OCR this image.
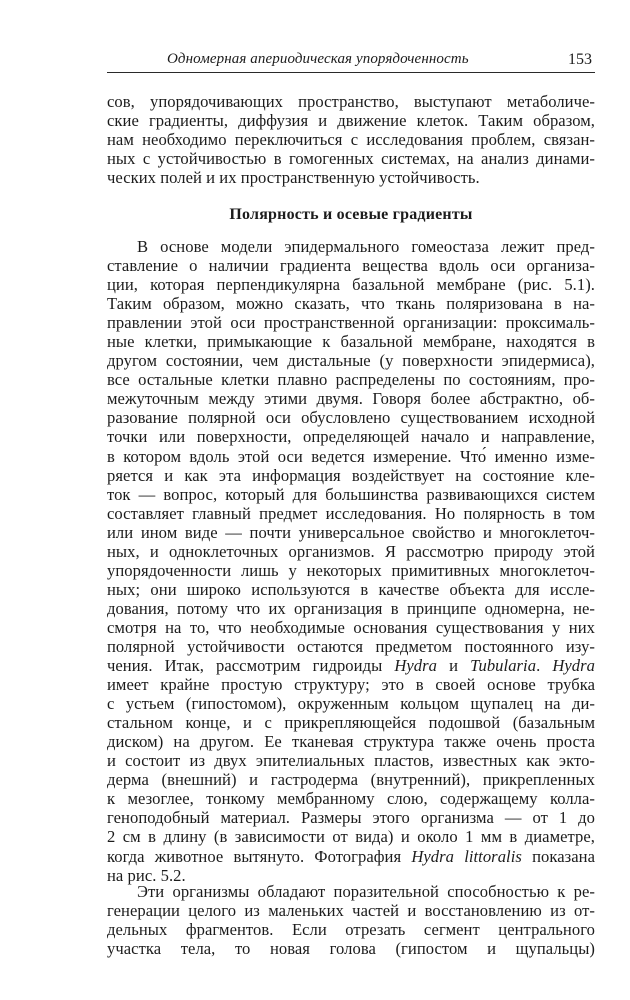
Одномерная апериодическая упорядоченность	153
сов, упорядочивающих пространство, выступают метаболиче-
ские градиенты, диффузия и движение клеток. Таким образом,
нам необходимо переключиться с исследования проблем, связан-
ных с устойчивостью в гомогенных системах, на анализ динами-
ческих полей и их пространственную устойчивость.
Полярность и осевые градиенты
В основе модели эпидермального гомеостаза лежит пред-
ставление о наличии градиента вещества вдоль оси организа-
ции, которая перпендикулярна базальной мембране (рис. 5.1).
Таким образом, можно сказать, что ткань поляризована в на-
правлении этой оси пространственной организации: проксималь-
ные клетки, примыкающие к базальной мембране, находятся в
другом состоянии, чем дистальные (у поверхности эпидермиса),
все остальные клетки плавно распределены по состояниям, про-
межуточным между этими двумя. Говоря более абстрактно, об-
разование полярной оси обусловлено существованием исходной
точки или поверхности, определяющей начало и направление,
в котором вдоль этой оси ведется измерение. Что́ именно изме-
ряется и как эта информация воздействует на состояние кле-
ток — вопрос, который для большинства развивающихся систем
составляет главный предмет исследования. Но полярность в том
или ином виде — почти универсальное свойство и многоклеточ-
ных, и одноклеточных организмов. Я рассмотрю природу этой
упорядоченности лишь у некоторых примитивных многоклеточ-
ных; они широко используются в качестве объекта для иссле-
дования, потому что их организация в принципе одномерна, не-
смотря на то, что необходимые основания существования у них
полярной устойчивости остаются предметом постоянного изу-
чения. Итак, рассмотрим гидроиды Hydra и Tubularia. Hydra
имеет крайне простую структуру; это в своей основе трубка
с устьем (гипостомом), окруженным кольцом щупалец на ди-
стальном конце, и с прикрепляющейся подошвой (базальным
диском) на другом. Ее тканевая структура также очень проста
и состоит из двух эпителиальных пластов, известных как экто-
дерма (внешний) и гастродерма (внутренний), прикрепленных
к мезоглее, тонкому мембранному слою, содержащему колла-
геноподобный материал. Размеры этого организма — от 1 до
2 см в длину (в зависимости от вида) и около 1 мм в диаметре,
когда животное вытянуто. Фотография Hydra littoralis показана
на рис. 5.2.
Эти организмы обладают поразительной способностью к ре-
генерации целого из маленьких частей и восстановлению из от-
дельных фрагментов. Если отрезать сегмент центрального
участка тела, то новая голова (гипостом и щупальцы)
